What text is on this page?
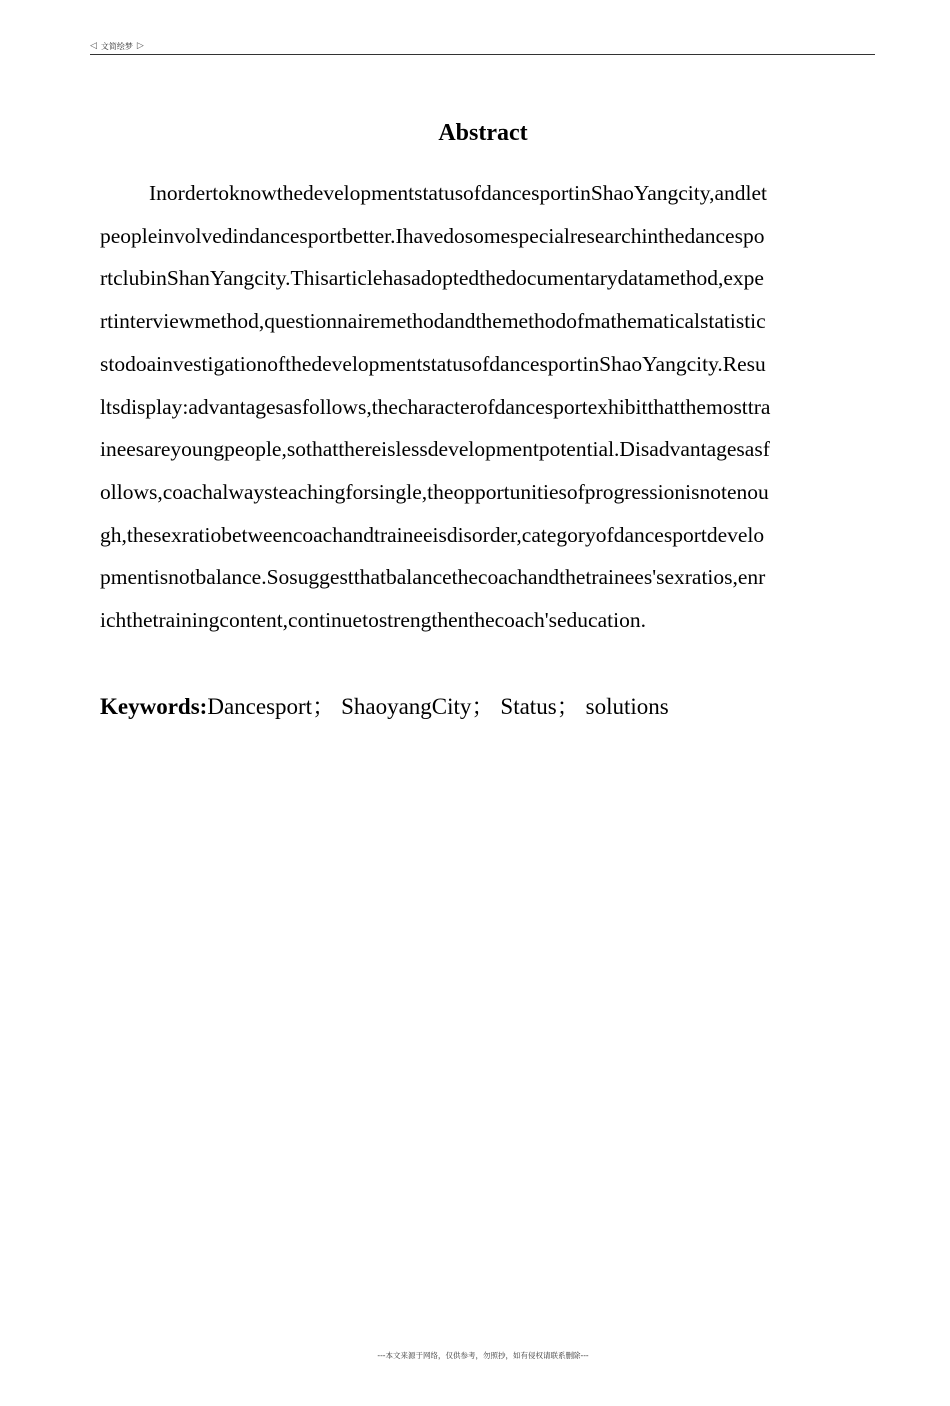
◁ 文简绘梦 ▷
Abstract
InordertoknowthedevelopmentstatusofdancesportinShaoYangcity,andlet
peopleinvolvedindancesportbetter.Ihavedosomespecialresearchinthedancespo
rtclubinShanYangcity.Thisarticlehasadoptedthedocumentarydatamethod,expe
rtinterviewmethod,questionnairemethodandthemethodofmathematicalstatistic
stodoainvestigationofthedevelopmentstatusofdancesportinShaoYangcity.Resu
ltsdisplay:advantagesasfollows,thecharacterofdancesportexhibitthatthemosttra
ineesareyoungpeople,sothatthereislessdevelopmentpotential.Disadvantagesasf
ollows,coachalwaysteachingforsingle,theopportunitiesofprogressionisnotenou
gh,thesexratiobetweencoachandtraineeisdisorder,categoryofdancesportdevelo
pmentisnotbalance.Sosuggestthatbalancethecoachandthetrainees'sexratios,enr
ichthetrainingcontent,continuetostrengthenthecoach'seducation.
Keywords:Dancesport； ShaoyangCity； Status； solutions
---本文来源于网络，仅供参考，勿照抄，如有侵权请联系删除---
